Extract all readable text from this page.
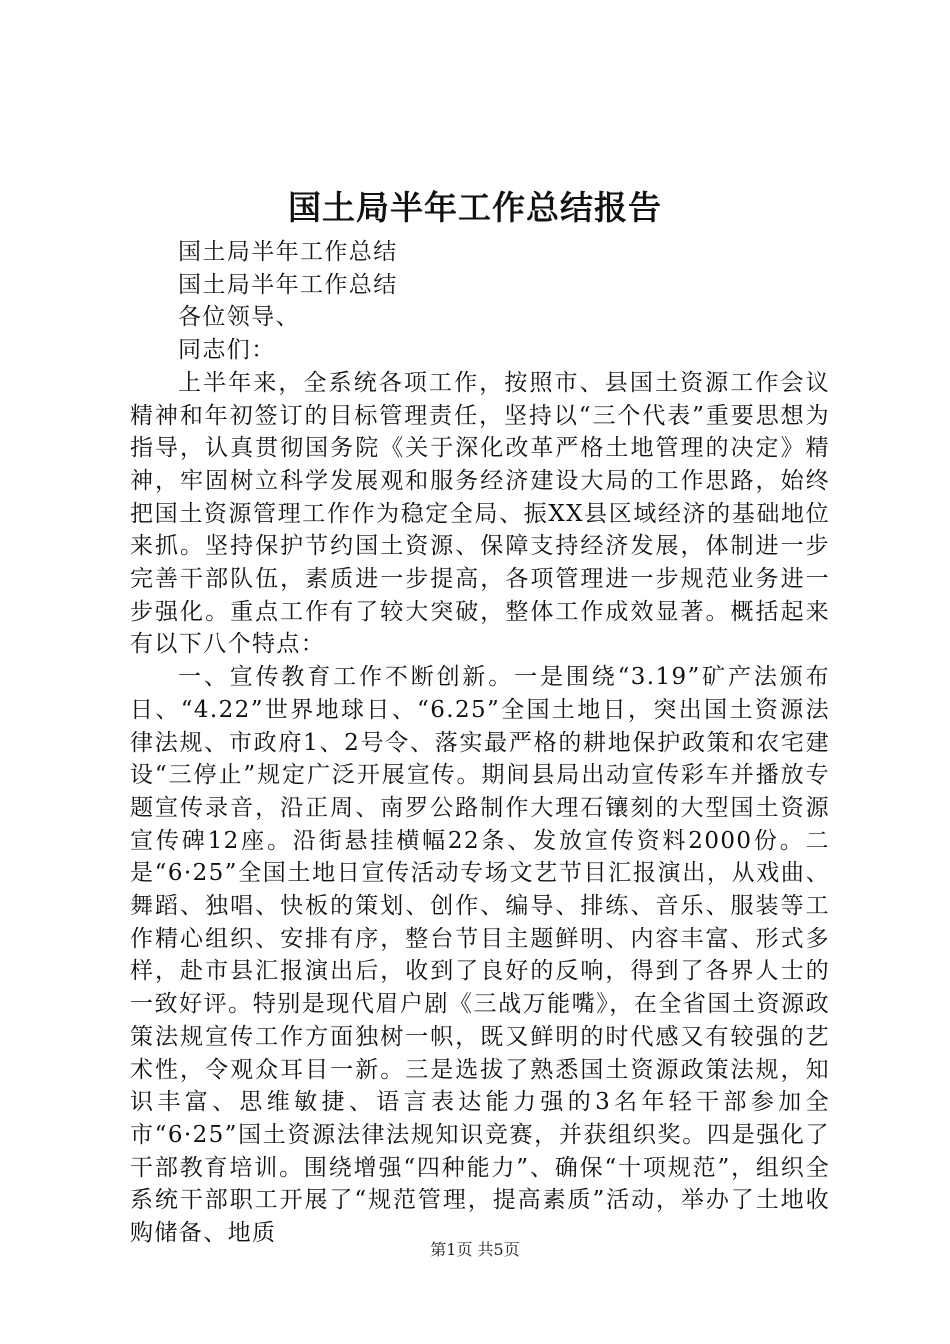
国土局半年工作总结报告

国土局半年工作总结

国土局半年工作总结

各位领导、

同志们：

上半年来，全系统各项工作，按照市、县国土资源工作会议精神和年初签订的目标管理责任，坚持以“三个代表”重要思想为指导，认真贯彻国务院《关于深化改革严格土地管理的决定》精神，牢固树立科学发展观和服务经济建设大局的工作思路，始终把国土资源管理工作作为稳定全局、振XX县区域经济的基础地位来抓。坚持保护节约国土资源、保障支持经济发展，体制进一步完善干部队伍，素质进一步提高，各项管理进一步规范业务进一步强化。重点工作有了较大突破，整体工作成效显著。概括起来有以下八个特点：

一、宣传教育工作不断创新。一是围绕“3.19”矿产法颁布日、“4.22”世界地球日、“6.25”全国土地日，突出国土资源法律法规、市政府1、2号令、落实最严格的耕地保护政策和农宅建设“三停止”规定广泛开展宣传。期间县局出动宣传彩车并播放专题宣传录音，沿正周、南罗公路制作大理石镶刻的大型国土资源宣传碑12座。沿街悬挂横幅22条、发放宣传资料2000份。二是“6·25”全国土地日宣传活动专场文艺节目汇报演出，从戏曲、舞蹈、独唱、快板的策划、创作、编导、排练、音乐、服装等工作精心组织、安排有序，整台节目主题鲜明、内容丰富、形式多样，赴市县汇报演出后，收到了良好的反响，得到了各界人士的一致好评。特别是现代眉户剧《三战万能嘴》，在全省国土资源政策法规宣传工作方面独树一帜，既又鲜明的时代感又有较强的艺术性，令观众耳目一新。三是选拔了熟悉国土资源政策法规，知识丰富、思维敏捷、语言表达能力强的3名年轻干部参加全市“6·25”国土资源法律法规知识竞赛，并获组织奖。四是强化了干部教育培训。围绕增强“四种能力”、确保“十项规范”，组织全系统干部职工开展了“规范管理，提高素质”活动，举办了土地收购储备、地质

第1页 共5页
